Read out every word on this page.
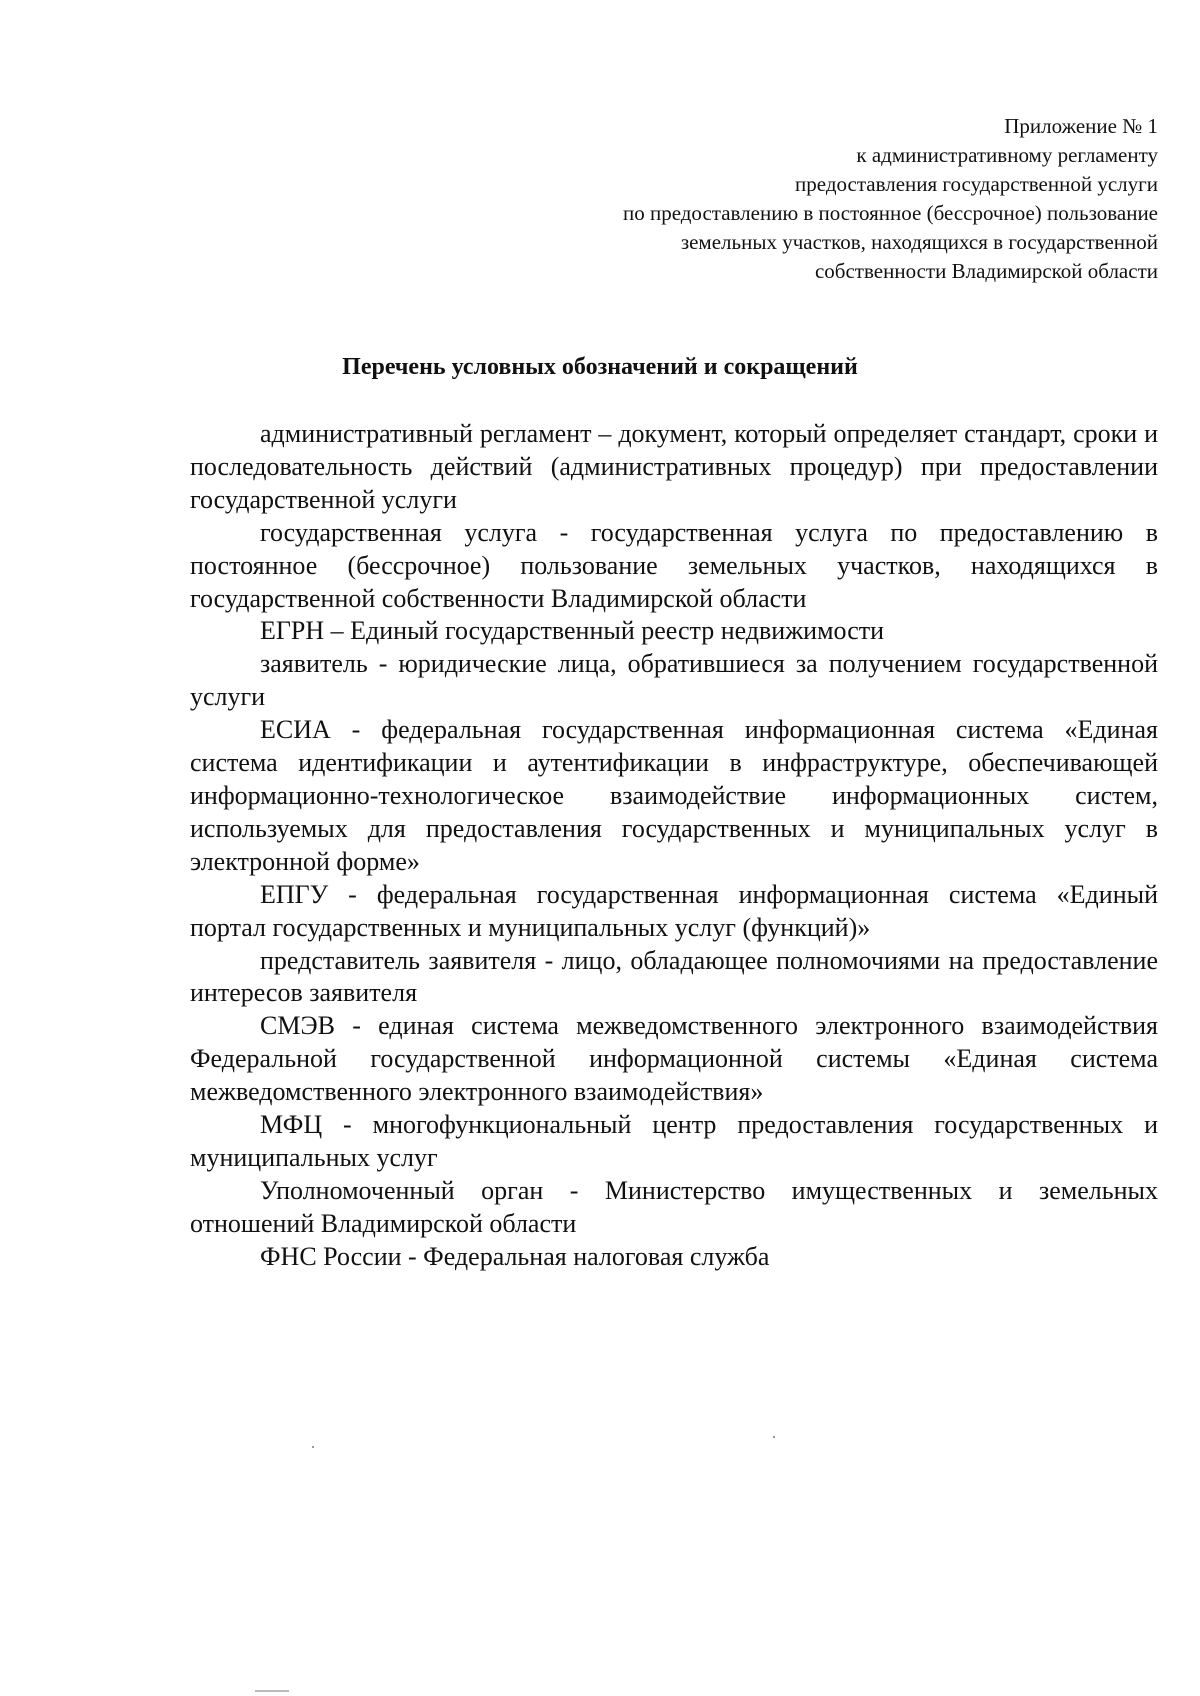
Приложение № 1
к административному регламенту
предоставления государственной услуги
по предоставлению в постоянное (бессрочное) пользование
земельных участков, находящихся в государственной
собственности Владимирской области
Перечень условных обозначений и сокращений

административный регламент – документ, который определяет стандарт, сроки и последовательность действий (административных процедур) при предоставлении государственной услуги

государственная услуга - государственная услуга по предоставлению в постоянное (бессрочное) пользование земельных участков, находящихся в государственной собственности Владимирской области

ЕГРН – Единый государственный реестр недвижимости

заявитель - юридические лица, обратившиеся за получением государственной услуги

ЕСИА - федеральная государственная информационная система «Единая система идентификации и аутентификации в инфраструктуре, обеспечивающей информационно-технологическое взаимодействие информационных систем, используемых для предоставления государственных и муниципальных услуг в электронной форме»

ЕПГУ - федеральная государственная информационная система «Единый портал государственных и муниципальных услуг (функций)»

представитель заявителя - лицо, обладающее полномочиями на предоставление интересов заявителя

СМЭВ - единая система межведомственного электронного взаимодействия Федеральной государственной информационной системы «Единая система межведомственного электронного взаимодействия»

МФЦ - многофункциональный центр предоставления государственных и муниципальных услуг

Уполномоченный орган - Министерство имущественных и земельных отношений Владимирской области

ФНС России - Федеральная налоговая служба
